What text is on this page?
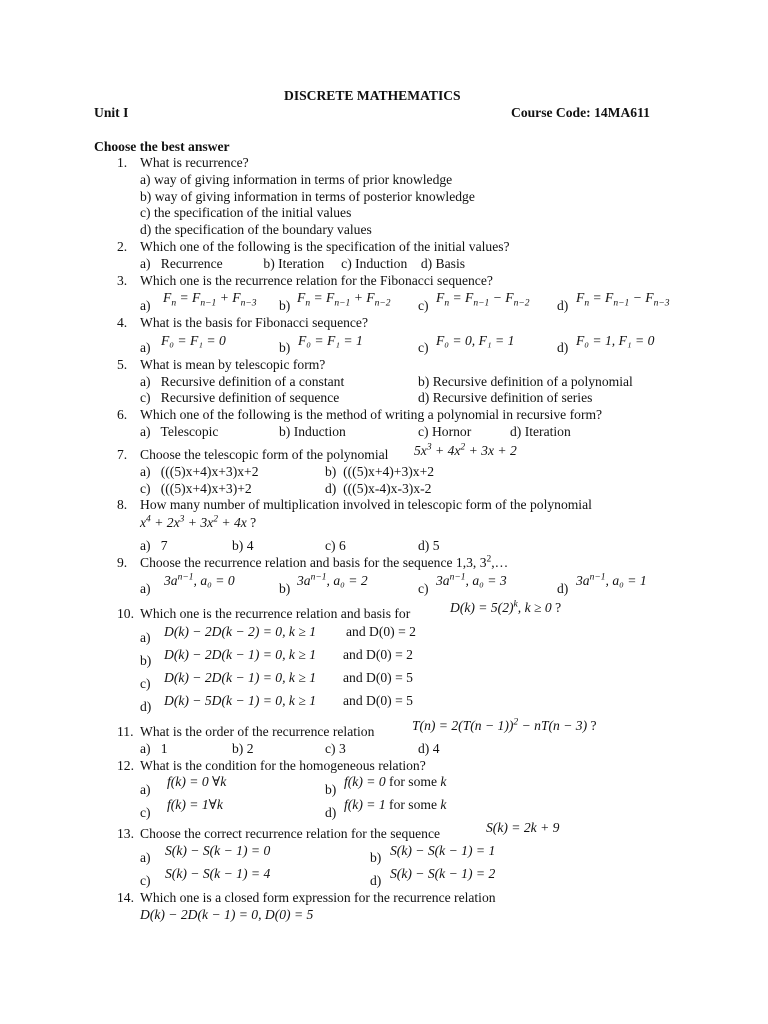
DISCRETE MATHEMATICS
Unit I	Course Code: 14MA611
Choose the best answer
1. What is recurrence?
a) way of giving information in terms of prior knowledge
b) way of giving information in terms of posterior knowledge
c) the specification of the initial values
d) the specification of the boundary values
2. Which one of the following is the specification of the initial values?
a)   Recurrence            b) Iteration     c) Induction    d) Basis
3. Which one is the recurrence relation for the Fibonacci sequence?
a)
$F_n = F_{n-1} + F_{n-3}$ b)
$F_n = F_{n-1} + F_{n-2}$ c)
$F_n = F_{n-1} - F_{n-2}$ d)
$F_n = F_{n-1} - F_{n-3}$
4. What is the basis for Fibonacci sequence?
a) F₀ = F₁ = 0	b) F₀ = F₁ = 1	c) F₀ = 0, F₁ = 1	d) F₀ = 1, F₁ = 0
5. What is mean by telescopic form?
a)   Recursive definition of a constant	b) Recursive definition of a polynomial
c)   Recursive definition of sequence	d) Recursive definition of series
6. Which one of the following is the method of writing a polynomial in recursive form?
a)   Telescopic	b) Induction	c) Hornor	d) Iteration
7. Choose the telescopic form of the polynomial $5x^3 + 4x^2 + 3x + 2$
a)   (((5)x+4)x+3)x+2	b)  (((5)x+4)+3)x+2
c)   (((5)x+4)x+3)+2	d)  (((5)x-4)x-3)x-2
8. How many number of multiplication involved in telescopic form of the polynomial
$x^4 + 2x^3 + 3x^2 + 4x$ ?
a)   7	b) 4	c) 6	d) 5
9. Choose the recurrence relation and basis for the sequence 1,3, $3^2,\dots$
a)
$3a^{n-1}$, a₀ = 0
b)
$3a^{n-1}$, a₀ = 2
c)
$3a^{n-1}$, a₀ = 3
d)
$3a^{n-1}$, a₀ = 1
10. Which one is the recurrence relation and basis for	$D(k) = 5(2)^k$, k ≥ 0 ?
a) D(k) − 2D(k − 2) = 0, k ≥ 1 and D(0) = 2
b) D(k) − 2D(k − 1) = 0, k ≥ 1 and D(0) = 2
c) D(k) − 2D(k − 1) = 0, k ≥ 1 and D(0) = 5
d) D(k) − 5D(k − 1) = 0, k ≥ 1 and D(0) = 5
11. What is the order of the recurrence relation	$T(n) = 2(T(n - 1))^2 - nT(n - 3)$ ?
a)   1	b) 2	c) 3	d) 4
12. What is the condition for the homogeneous relation?
a)
f(k) = 0 ∀k
b)
f(k) = 0 for some k
c)
f(k) = 1∀k
d)
f(k) = 1 for some k
13. Choose the correct recurrence relation for the sequence	S(k) = 2k + 9
a) S(k) − S(k − 1) = 0	b) S(k) − S(k − 1) = 1
c) S(k) − S(k − 1) = 4	d) S(k) − S(k − 1) = 2
14. Which one is a closed form expression for the recurrence relation
D(k) − 2D(k − 1) = 0, D(0) = 5
